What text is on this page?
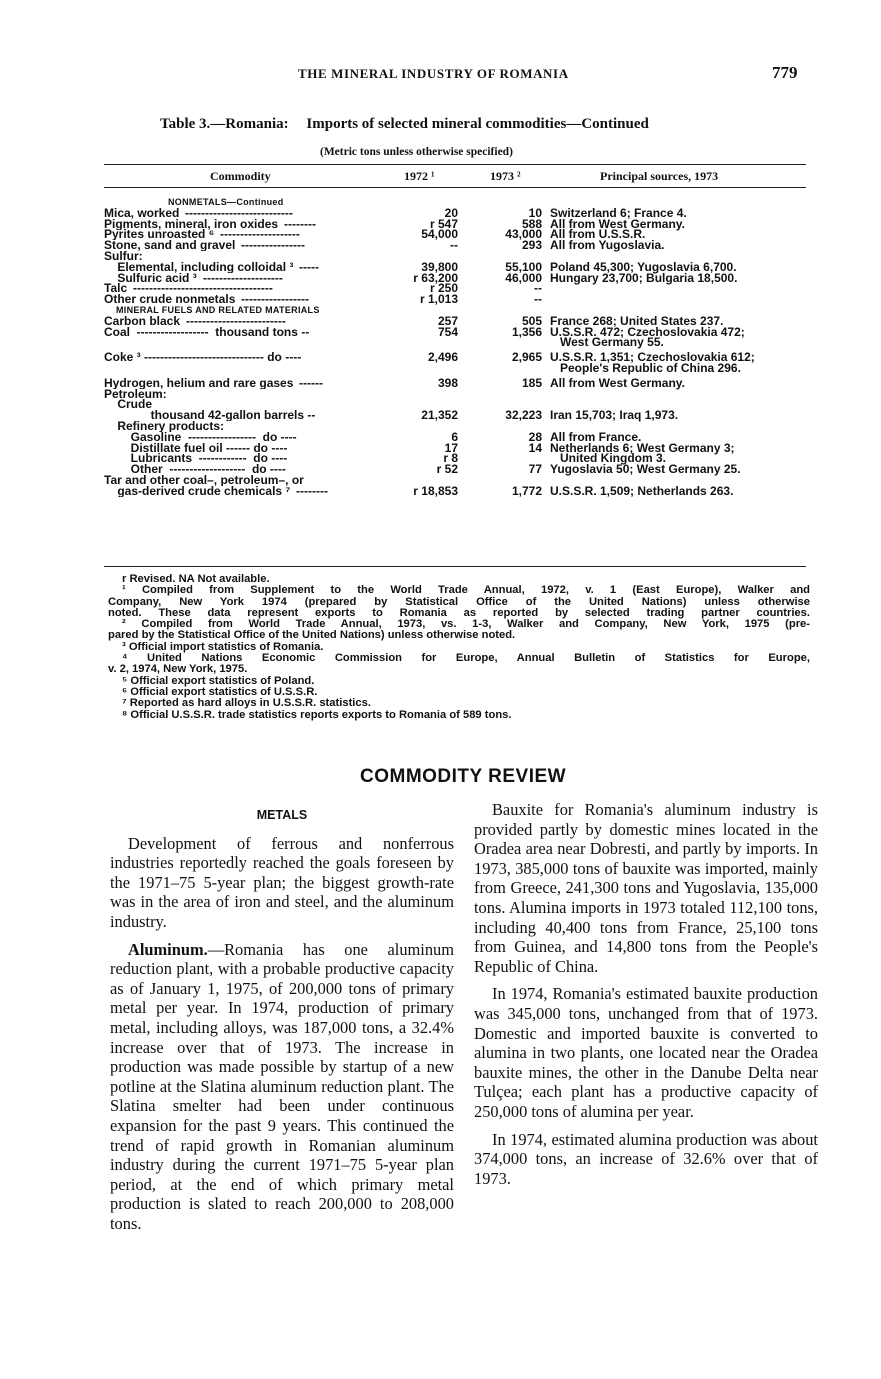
THE MINERAL INDUSTRY OF ROMANIA	779
Table 3.—Romania: Imports of selected mineral commodities—Continued
(Metric tons unless otherwise specified)
Commodity	1972 ¹	1973 ²	Principal sources, 1973
NONMETALS—Continued
Mica, worked ---------------------------	20	10 Switzerland 6; France 4.
Pigments, mineral, iron oxides --------	r 547	588 All from West Germany.
Pyrites unroasted ⁶ --------------------	54,000	43,000 All from U.S.S.R.
Stone, sand and gravel ----------------	--	293 All from Yugoslavia.
Sulfur:
Elemental, including colloidal ³ -----	39,800	55,100 Poland 45,300; Yugoslavia 6,700.
Sulfuric acid ³ --------------------	r 63,200	46,000 Hungary 23,700; Bulgaria 18,500.
Talc -----------------------------------	r 250	--
Other crude nonmetals -----------------	r 1,013	--
MINERAL FUELS AND RELATED MATERIALS
Carbon black -------------------------	257	505 France 268; United States 237.
Coal  ------------------  thousand tons --	754	1,356 U.S.S.R. 472; Czechoslovakia 472;
West Germany 55.
Coke ³ ------------------------------ do ----	2,496	2,965 U.S.S.R. 1,351; Czechoslovakia 612;
People's Republic of China 296.
Hydrogen, helium and rare gases ------	398	185 All from West Germany.
Petroleum:
Crude
thousand 42-gallon barrels --	21,352	32,223 Iran 15,703; Iraq 1,973.
Refinery products:
Gasoline  -----------------  do ----	6	28 All from France.
Distillate fuel oil ------ do ----	17	14 Netherlands 6; West Germany 3;
Lubricants  ------------  do ----	r 8	United Kingdom 3.
Other  -------------------  do ----	r 52	77 Yugoslavia 50; West Germany 25.
Tar and other coal–, petroleum–, or
gas-derived crude chemicals ⁷ --------	r 18,853	1,772 U.S.S.R. 1,509; Netherlands 263.

r Revised. NA Not available.

¹ Compiled from Supplement to the World Trade Annual, 1972, v. 1 (East Europe), Walker and

Company, New York 1974 (prepared by Statistical Office of the United Nations) unless otherwise

noted. These data represent exports to Romania as reported by selected trading partner countries.

² Compiled from World Trade Annual, 1973, vs. 1-3, Walker and Company, New York, 1975 (pre-

pared by the Statistical Office of the United Nations) unless otherwise noted.

³ Official import statistics of Romania.

⁴ United Nations Economic Commission for Europe, Annual Bulletin of Statistics for Europe,

v. 2, 1974, New York, 1975.

⁵ Official export statistics of Poland.

⁶ Official export statistics of U.S.S.R.

⁷ Reported as hard alloys in U.S.S.R. statistics.

⁸ Official U.S.S.R. trade statistics reports exports to Romania of 589 tons.

COMMODITY REVIEW

METALS

Development of ferrous and nonferrous industries reportedly reached the goals foreseen by the 1971–75 5-year plan; the biggest growth-rate was in the area of iron and steel, and the aluminum industry.

Aluminum.—Romania has one aluminum reduction plant, with a probable productive capacity as of January 1, 1975, of 200,000 tons of primary metal per year. In 1974, production of primary metal, including alloys, was 187,000 tons, a 32.4% increase over that of 1973. The increase in production was made possible by startup of a new potline at the Slatina aluminum reduction plant. The Slatina smelter had been under continuous expansion for the past 9 years. This continued the trend of rapid growth in Romanian aluminum industry during the current 1971–75 5-year plan period, at the end of which primary metal production is slated to reach 200,000 to 208,000 tons.

Bauxite for Romania's aluminum industry is provided partly by domestic mines located in the Oradea area near Dobresti, and partly by imports. In 1973, 385,000 tons of bauxite was imported, mainly from Greece, 241,300 tons and Yugoslavia, 135,000 tons. Alumina imports in 1973 totaled 112,100 tons, including 40,400 tons from France, 25,100 tons from Guinea, and 14,800 tons from the People's Republic of China.

In 1974, Romania's estimated bauxite production was 345,000 tons, unchanged from that of 1973. Domestic and imported bauxite is converted to alumina in two plants, one located near the Oradea bauxite mines, the other in the Danube Delta near Tulçea; each plant has a productive capacity of 250,000 tons of alumina per year.

In 1974, estimated alumina production was about 374,000 tons, an increase of 32.6% over that of 1973.
